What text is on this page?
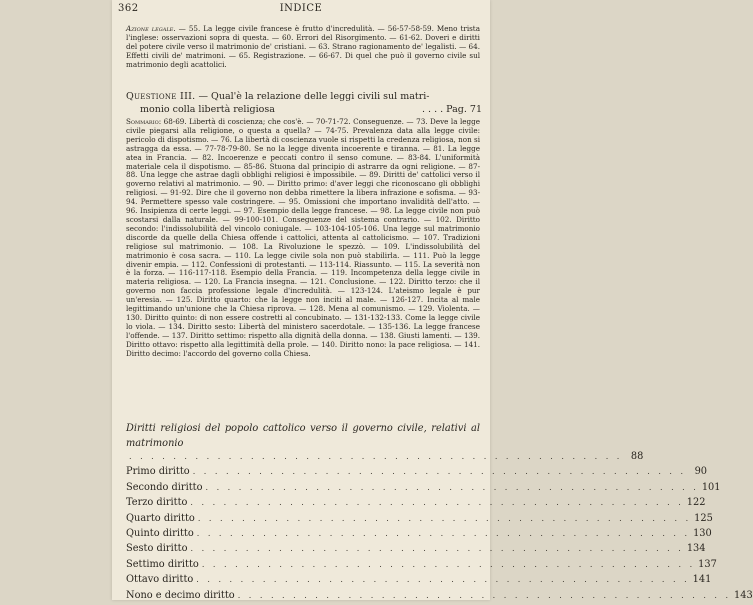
362	INDICE
Azione legale. — 55. La legge civile francese è frutto d'incredulità. — 56-57-58-59. Meno trista l'inglese: osservazioni sopra di questa. — 60. Errori del Risorgimento. — 61-62. Doveri e diritti del potere civile verso il matrimonio de' cristiani. — 63. Strano ragionamento de' legalisti. — 64. Effetti civili de' matrimoni. — 65. Registrazione. — 66-67. Di quel che può il governo civile sul matrimonio degli acattolici.
Questione III. — Qual'è la relazione delle leggi civili sul matri-
monio colla libertà religiosa	. . . . Pag. 71
Sommario: 68-69. Libertà di coscienza; che cos'è. — 70-71-72. Conseguenze. — 73. Deve la legge civile piegarsi alla religione, o questa a quella? — 74-75. Prevalenza data alla legge civile: pericolo di dispotismo. — 76. La libertà di coscienza vuole si rispetti la credenza religiosa, non si astragga da essa. — 77-78-79-80. Se no la legge diventa incoerente e tiranna. — 81. La legge atea in Francia. — 82. Incoerenze e peccati contro il senso comune. — 83-84. L'uniformità materiale cela il dispotismo. — 85-86. Stuona dal principio di astrarre da ogni religione. — 87-88. Una legge che astrae dagli obblighi religiosi è impossibile. — 89. Diritti de' cattolici verso il governo relativi al matrimonio. — 90. — Diritto primo: d'aver leggi che riconoscano gli obblighi religiosi. — 91-92. Dire che il governo non debba rimettere la libera infrazione e sofisma. — 93-94. Permettere spesso vale costringere. — 95. Omissioni che importano invalidità dell'atto. — 96. Insipienza di certe leggi. — 97. Esempio della legge francese. — 98. La legge civile non può scostarsi dalla naturale. — 99-100-101. Conseguenze del sistema contrario. — 102. Diritto secondo: l'indissolubilità del vincolo coniugale. — 103-104-105-106. Una legge sul matrimonio discorde da quelle della Chiesa offende i cattolici, attenta al cattolicismo. — 107. Tradizioni religiose sul matrimonio. — 108. La Rivoluzione le spezzò. — 109. L'indissolubilità del matrimonio è cosa sacra. — 110. La legge civile sola non può stabilirla. — 111. Può la legge divenir empia. — 112. Confessioni di protestanti. — 113-114. Riassunto. — 115. La severità non è la forza. — 116-117-118. Esempio della Francia. — 119. Incompetenza della legge civile in materia religiosa. — 120. La Francia insegna. — 121. Conclusione. — 122. Diritto terzo: che il governo non faccia professione legale d'incredulità. — 123-124. L'ateismo legale è pur un'eresia. — 125. Diritto quarto: che la legge non inciti al male. — 126-127. Incita al male legittimando un'unione che la Chiesa riprova. — 128. Mena al comunismo. — 129. Violenta. — 130. Diritto quinto: di non essere costretti al concubinato. — 131-132-133. Come la legge civile lo viola. — 134. Diritto sesto: Libertà del ministero sacerdotale. — 135-136. La legge francese l'offende. — 137. Diritto settimo: rispetto alla dignità della donna. — 138. Giusti lamenti. — 139. Diritto ottavo: rispetto alla legittimità della prole. — 140. Diritto nono: la pace religiosa. — 141. Diritto decimo: l'accordo del governo colla Chiesa.
Diritti religiosi del popolo cattolico verso il governo civile, relativi al matrimonio
. . . . . . . . . . . . . . . . . . . . . . . . . . . . . . . . . . . . . . . . . . . . . 88
Primo diritto . . . . . . . . . . . . . . . . . . . . . . . . . . . . . . . . . . . . . . . . . . . . . 90
Secondo diritto . . . . . . . . . . . . . . . . . . . . . . . . . . . . . . . . . . . . . . . . . . . . . 101
Terzo diritto . . . . . . . . . . . . . . . . . . . . . . . . . . . . . . . . . . . . . . . . . . . . . 122
Quarto diritto . . . . . . . . . . . . . . . . . . . . . . . . . . . . . . . . . . . . . . . . . . . . . 125
Quinto diritto . . . . . . . . . . . . . . . . . . . . . . . . . . . . . . . . . . . . . . . . . . . . . 130
Sesto diritto . . . . . . . . . . . . . . . . . . . . . . . . . . . . . . . . . . . . . . . . . . . . . 134
Settimo diritto . . . . . . . . . . . . . . . . . . . . . . . . . . . . . . . . . . . . . . . . . . . . . 137
Ottavo diritto . . . . . . . . . . . . . . . . . . . . . . . . . . . . . . . . . . . . . . . . . . . . . 141
Nono e decimo diritto . . . . . . . . . . . . . . . . . . . . . . . . . . . . . . . . . . . . . . . . . . . . . 143
